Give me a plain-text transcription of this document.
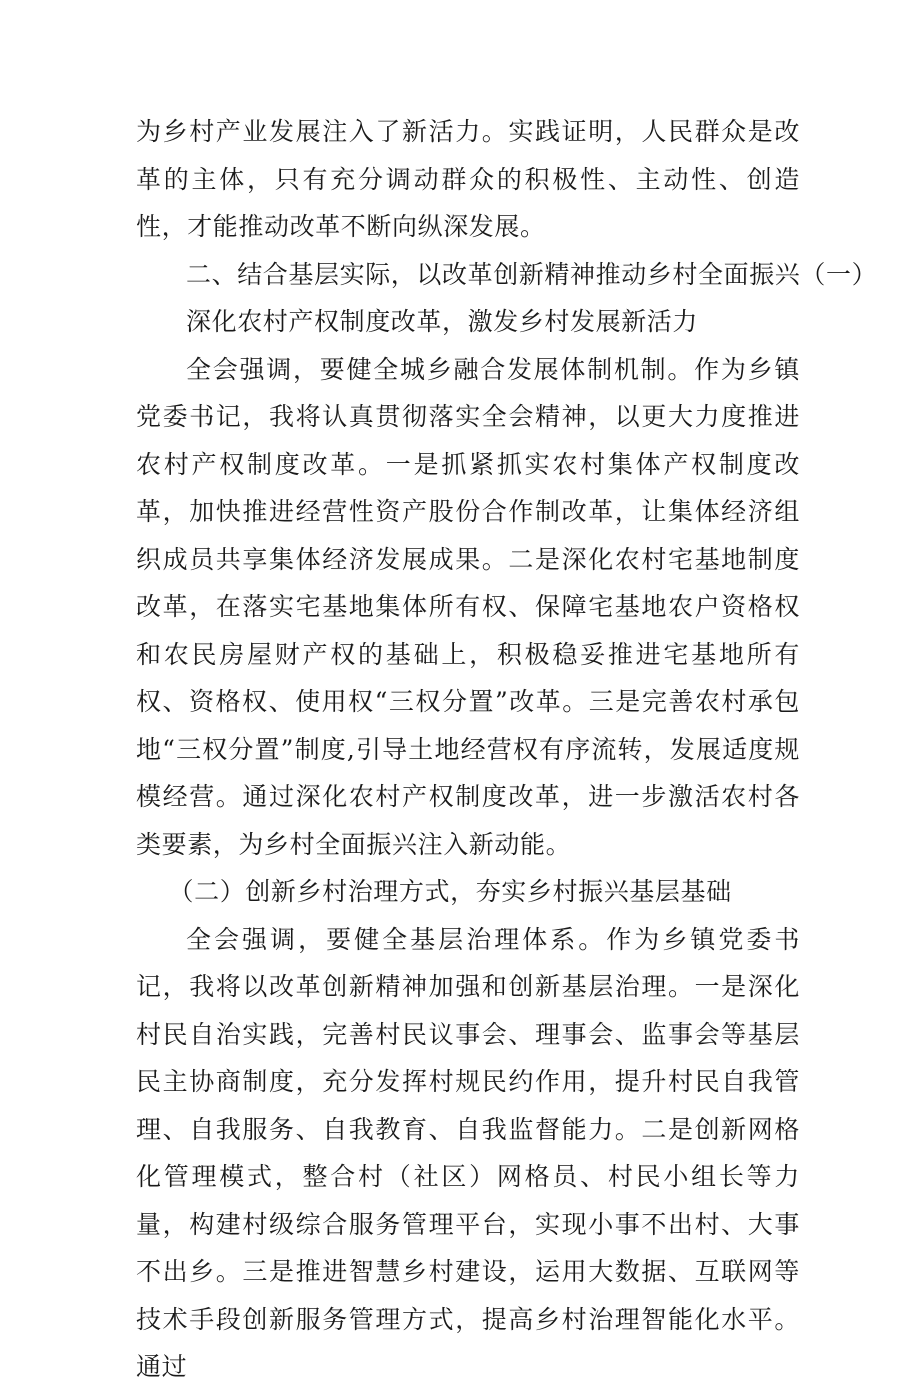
为乡村产业发展注入了新活力。实践证明，人民群众是改革的主体，只有充分调动群众的积极性、主动性、创造性，才能推动改革不断向纵深发展。

二、结合基层实际，以改革创新精神推动乡村全面振兴（一）

深化农村产权制度改革，激发乡村发展新活力

全会强调，要健全城乡融合发展体制机制。作为乡镇党委书记，我将认真贯彻落实全会精神，以更大力度推进农村产权制度改革。一是抓紧抓实农村集体产权制度改革，加快推进经营性资产股份合作制改革，让集体经济组织成员共享集体经济发展成果。二是深化农村宅基地制度改革，在落实宅基地集体所有权、保障宅基地农户资格权和农民房屋财产权的基础上，积极稳妥推进宅基地所有权、资格权、使用权“三权分置”改革。三是完善农村承包地“三权分置”制度,引导土地经营权有序流转，发展适度规模经营。通过深化农村产权制度改革，进一步激活农村各类要素，为乡村全面振兴注入新动能。

（二）创新乡村治理方式，夯实乡村振兴基层基础

全会强调，要健全基层治理体系。作为乡镇党委书记，我将以改革创新精神加强和创新基层治理。一是深化村民自治实践，完善村民议事会、理事会、监事会等基层民主协商制度，充分发挥村规民约作用，提升村民自我管理、自我服务、自我教育、自我监督能力。二是创新网格化管理模式，整合村（社区）网格员、村民小组长等力量，构建村级综合服务管理平台，实现小事不出村、大事不出乡。三是推进智慧乡村建设，运用大数据、互联网等技术手段创新服务管理方式，提高乡村治理智能化水平。通过
